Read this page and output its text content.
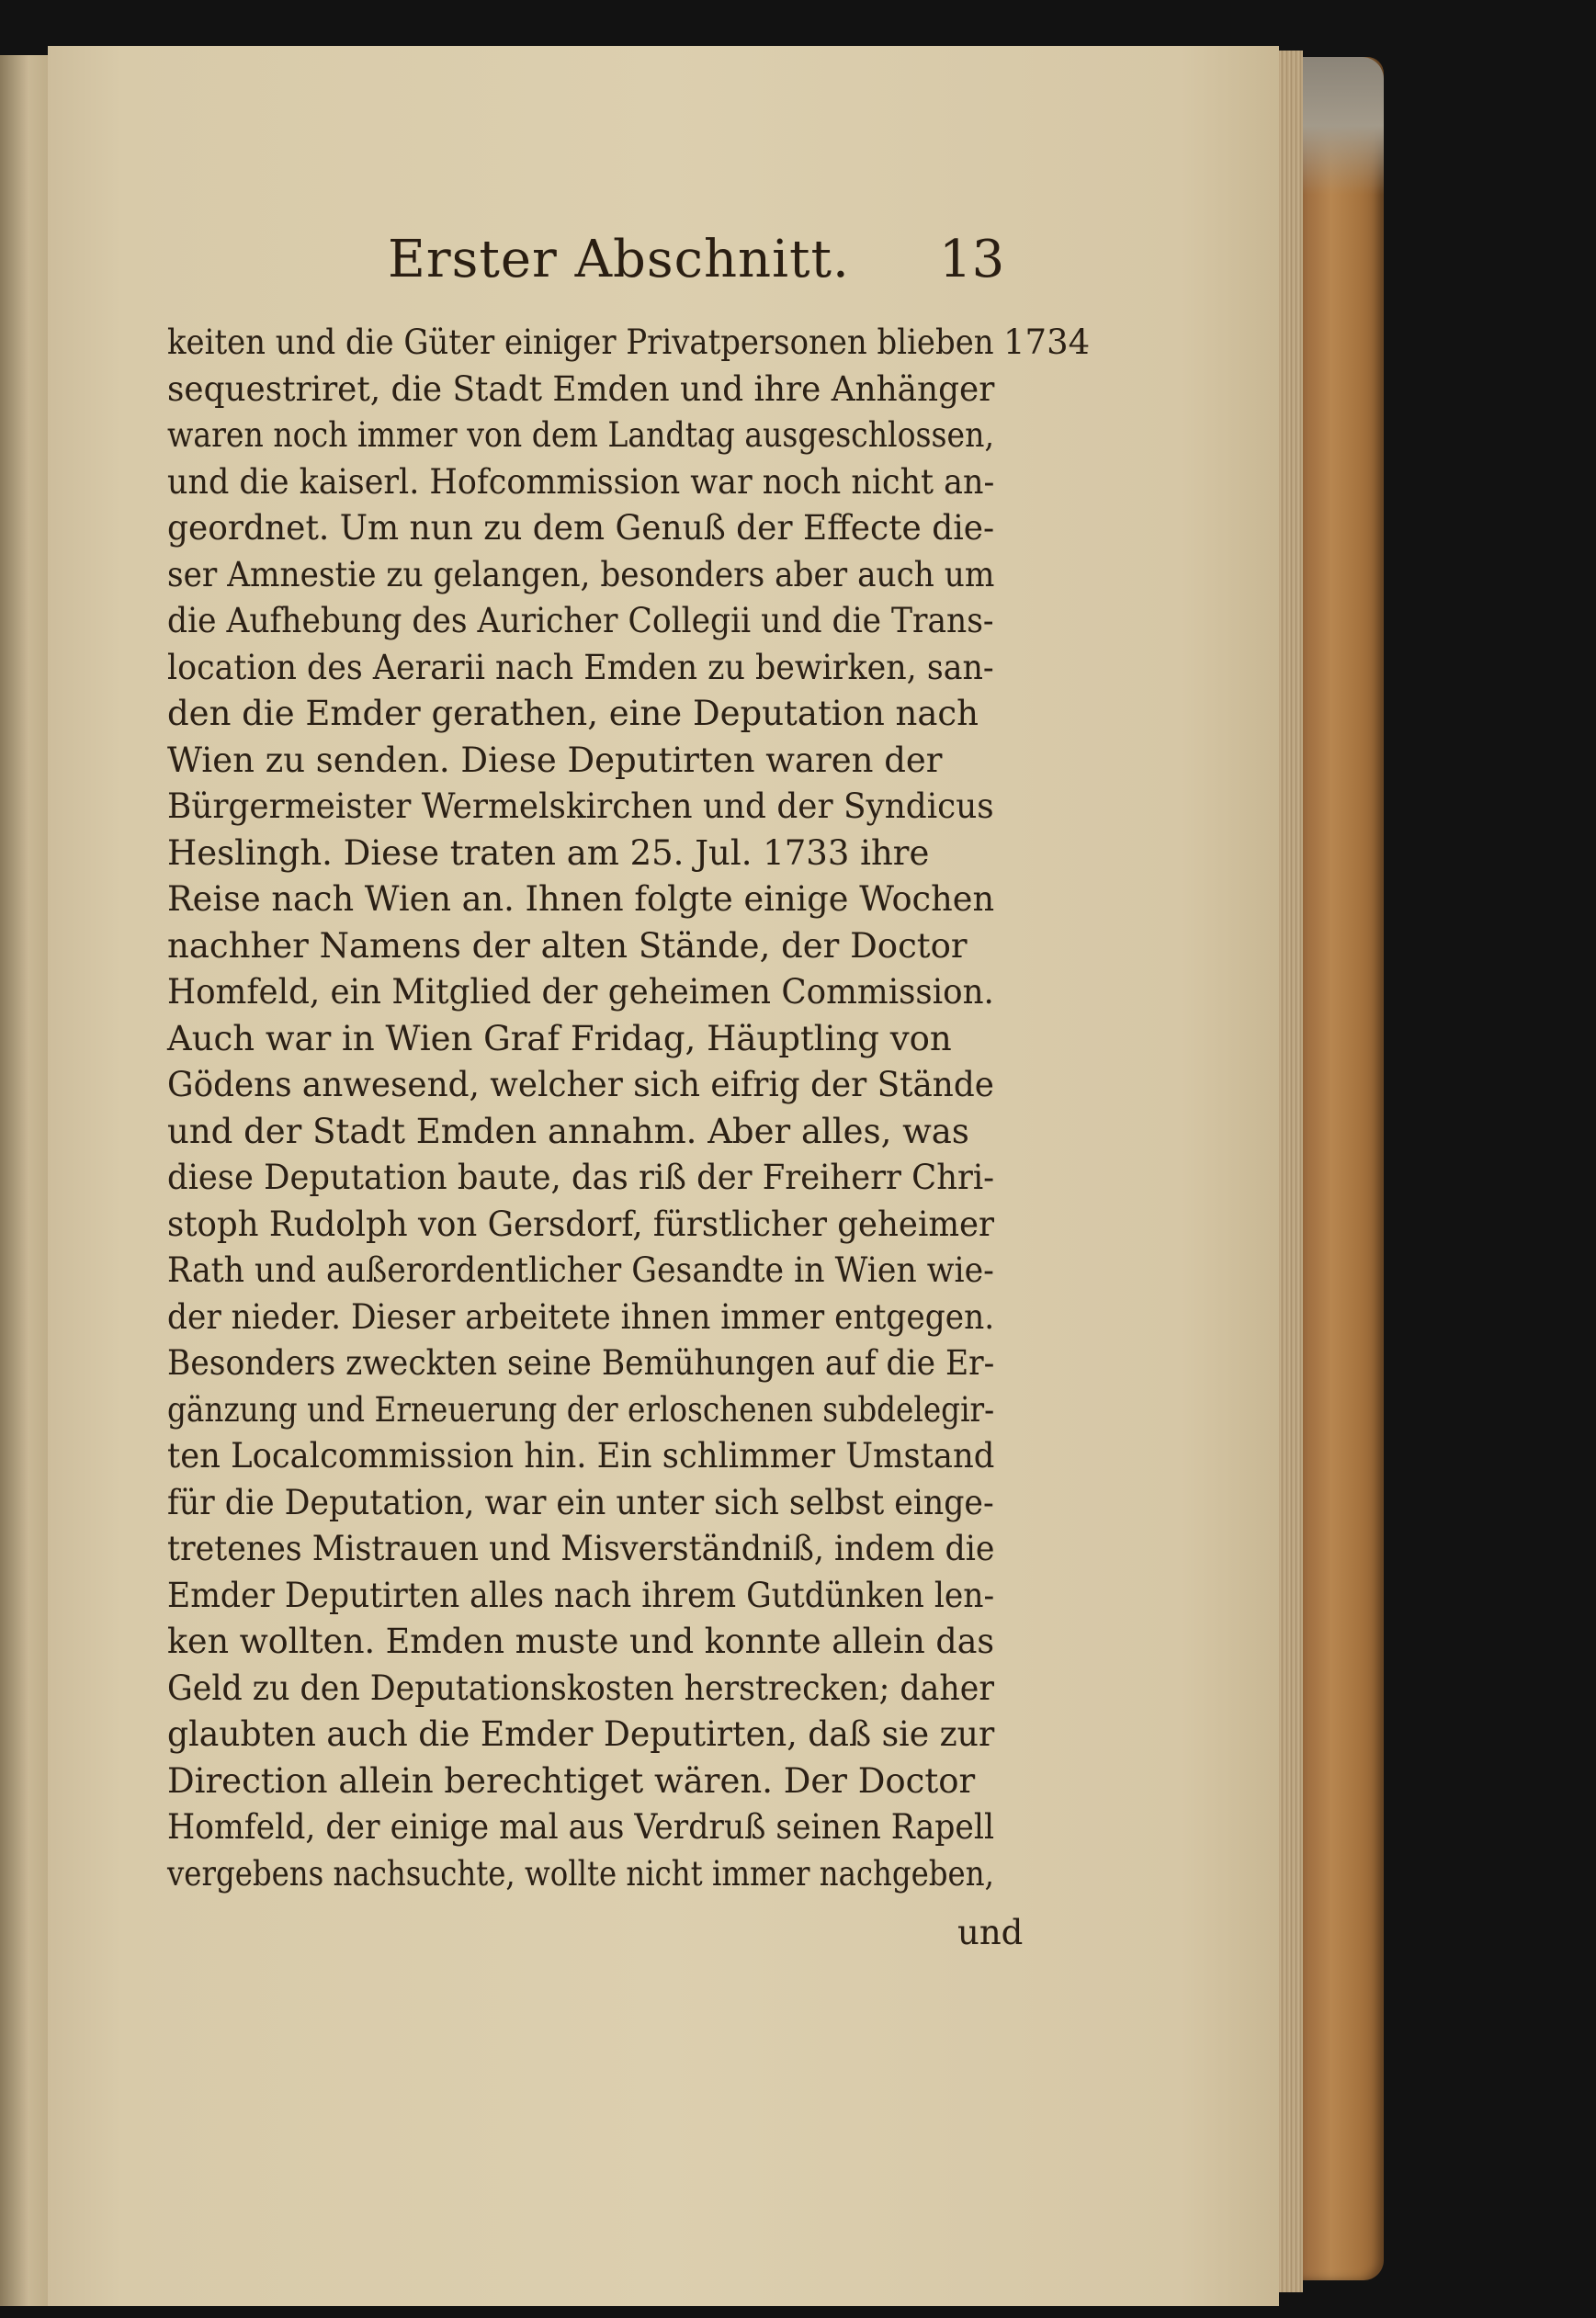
Erster Abschnitt. 13
keiten und die Güter einiger Privatpersonen blieben
sequestriret, die Stadt Emden und ihre Anhänger
waren noch immer von dem Landtag ausgeschlossen,
und die kaiserl. Hofcommission war noch nicht an-
geordnet. Um nun zu dem Genuß der Effecte die-
ser Amnestie zu gelangen, besonders aber auch um
die Aufhebung des Auricher Collegii und die Trans-
location des Aerarii nach Emden zu bewirken, san-
den die Emder gerathen, eine Deputation nach
Wien zu senden. Diese Deputirten waren der
Bürgermeister Wermelskirchen und der Syndicus
Heslingh. Diese traten am 25. Jul. 1733 ihre
Reise nach Wien an. Ihnen folgte einige Wochen
nachher Namens der alten Stände, der Doctor
Homfeld, ein Mitglied der geheimen Commission.
Auch war in Wien Graf Fridag, Häuptling von
Gödens anwesend, welcher sich eifrig der Stände
und der Stadt Emden annahm. Aber alles, was
diese Deputation baute, das riß der Freiherr Chri-
stoph Rudolph von Gersdorf, fürstlicher geheimer
Rath und außerordentlicher Gesandte in Wien wie-
der nieder. Dieser arbeitete ihnen immer entgegen.
Besonders zweckten seine Bemühungen auf die Er-
gänzung und Erneuerung der erloschenen subdelegir-
ten Localcommission hin. Ein schlimmer Umstand
für die Deputation, war ein unter sich selbst einge-
tretenes Mistrauen und Misverständniß, indem die
Emder Deputirten alles nach ihrem Gutdünken len-
ken wollten. Emden muste und konnte allein das
Geld zu den Deputationskosten herstrecken; daher
glaubten auch die Emder Deputirten, daß sie zur
Direction allein berechtiget wären. Der Doctor
Homfeld, der einige mal aus Verdruß seinen Rapell
vergebens nachsuchte, wollte nicht immer nachgeben,
1734
und
